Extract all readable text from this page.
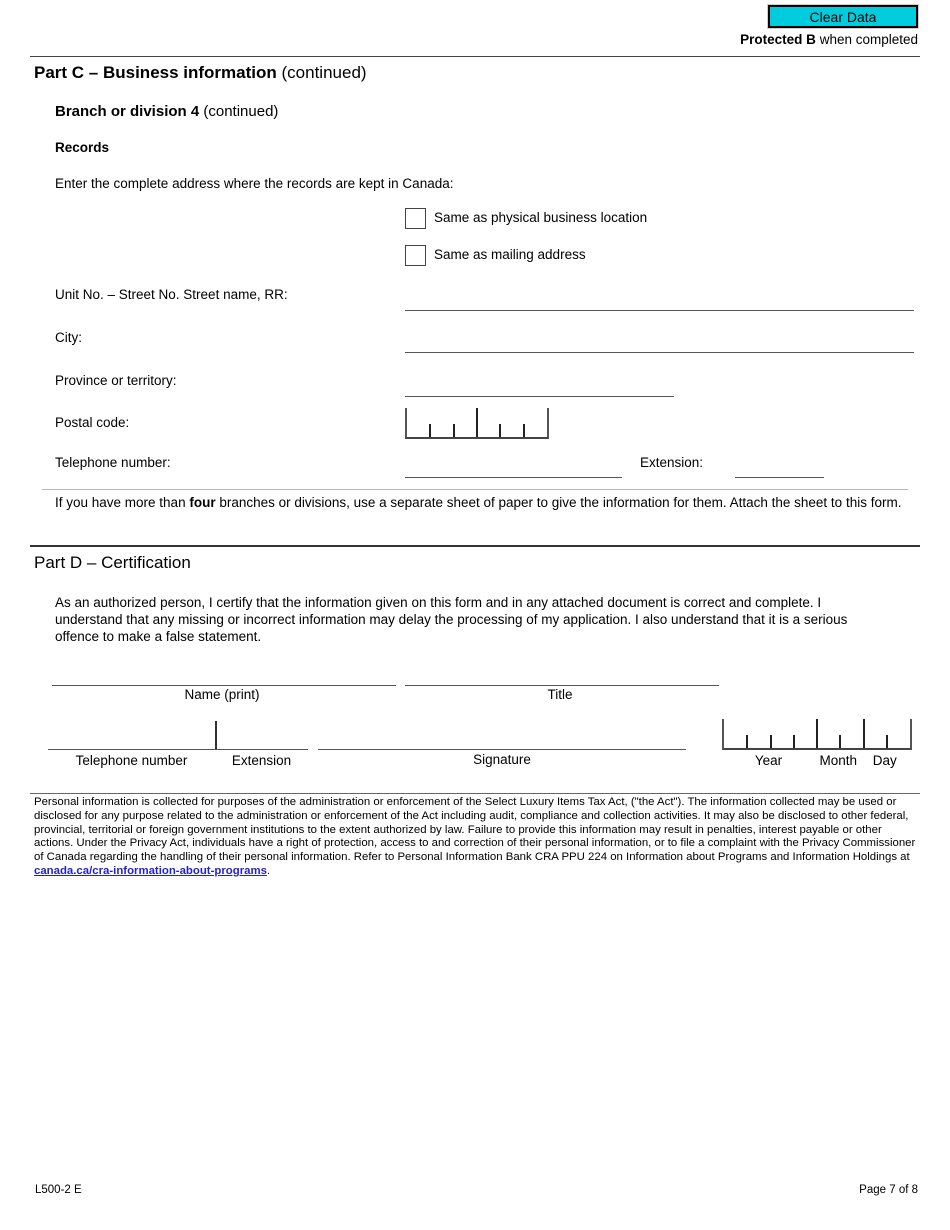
Clear Data
Protected B when completed
Part C – Business information (continued)
Branch or division 4 (continued)
Records
Enter the complete address where the records are kept in Canada:
Same as physical business location
Same as mailing address
Unit No. – Street No. Street name, RR:
City:
Province or territory:
Postal code:
Telephone number:	Extension:
If you have more than four branches or divisions, use a separate sheet of paper to give the information for them. Attach the sheet to this form.
Part D – Certification
As an authorized person, I certify that the information given on this form and in any attached document is correct and complete. I understand that any missing or incorrect information may delay the processing of my application. I also understand that it is a serious offence to make a false statement.
Name (print)	Title
Telephone number	Extension	Signature	Year	Month	Day
Personal information is collected for purposes of the administration or enforcement of the Select Luxury Items Tax Act, ("the Act"). The information collected may be used or disclosed for any purpose related to the administration or enforcement of the Act including audit, compliance and collection activities. It may also be disclosed to other federal, provincial, territorial or foreign government institutions to the extent authorized by law. Failure to provide this information may result in penalties, interest payable or other actions. Under the Privacy Act, individuals have a right of protection, access to and correction of their personal information, or to file a complaint with the Privacy Commissioner of Canada regarding the handling of their personal information. Refer to Personal Information Bank CRA PPU 224 on Information about Programs and Information Holdings at canada.ca/cra-information-about-programs.
L500-2 E	Page 7 of 8
